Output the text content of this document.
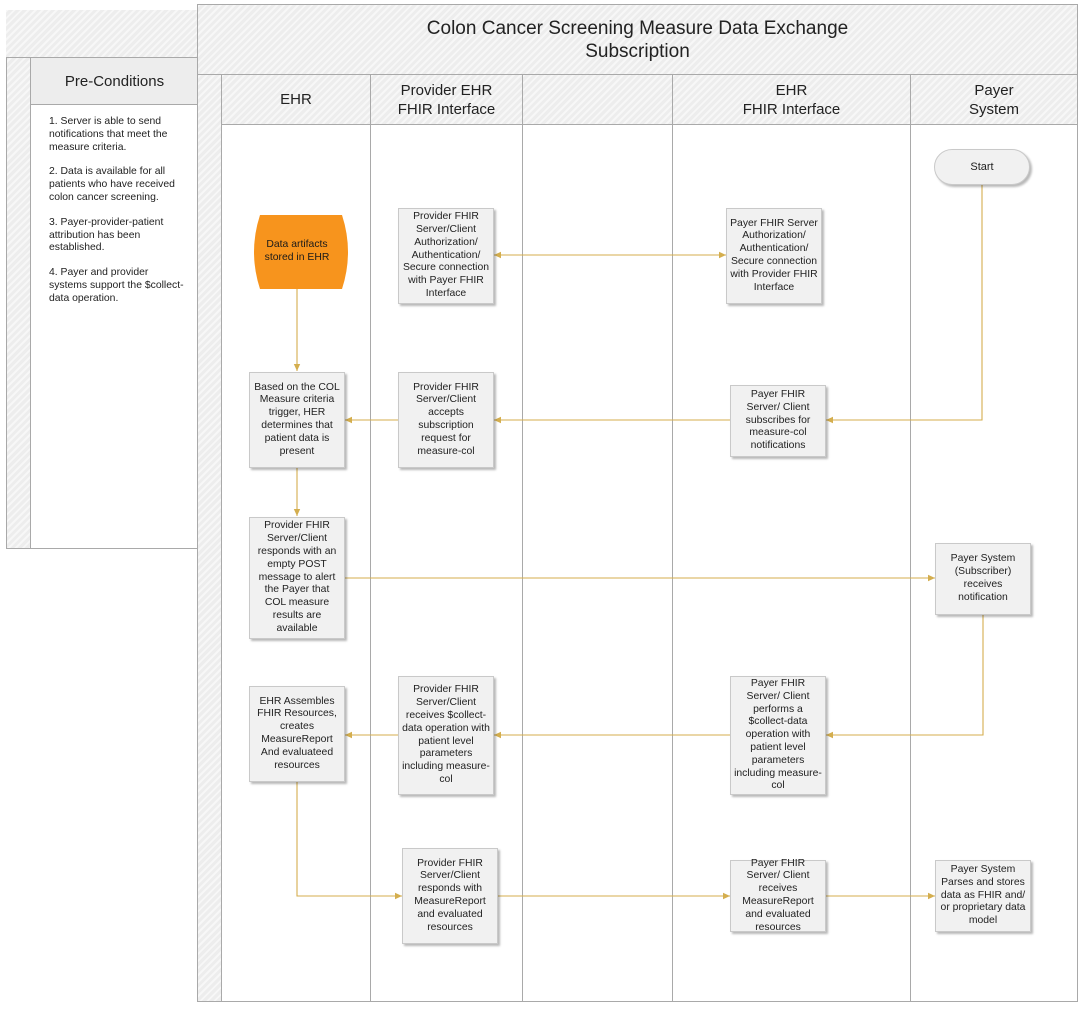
Pre-Conditions

1. Server is able to send notifications that meet the measure criteria.

2. Data is available for all patients who have received colon cancer screening.

3. Payer-provider-patient attribution has been established.

4. Payer and provider systems support the $collect-data operation.

Colon Cancer Screening Measure Data Exchange
Subscription
EHR
Provider EHR
FHIR Interface
EHR
FHIR Interface
Payer
System
Start
Data artifacts stored in EHR
Provider FHIR Server/Client Authorization/ Authentication/ Secure connection with Payer FHIR Interface
Payer FHIR Server Authorization/ Authentication/ Secure connection with Provider FHIR Interface
Based on the COL Measure criteria trigger, HER determines that patient data is present
Provider FHIR Server/Client accepts subscription request for measure-col
Payer FHIR Server/ Client subscribes for measure-col notifications
Provider FHIR Server/Client responds with an empty POST message to alert the Payer that COL measure results are available
Payer System (Subscriber) receives notification
EHR Assembles FHIR Resources, creates MeasureReport And evaluateed resources
Provider FHIR Server/Client receives $collect-data operation with patient level parameters including measure-col
Payer FHIR Server/ Client performs a $collect-data operation with patient level parameters including measure-col
Provider FHIR Server/Client responds with MeasureReport and evaluated resources
Payer FHIR Server/ Client receives MeasureReport and evaluated resources
Payer System Parses and stores data as FHIR and/ or proprietary data model
